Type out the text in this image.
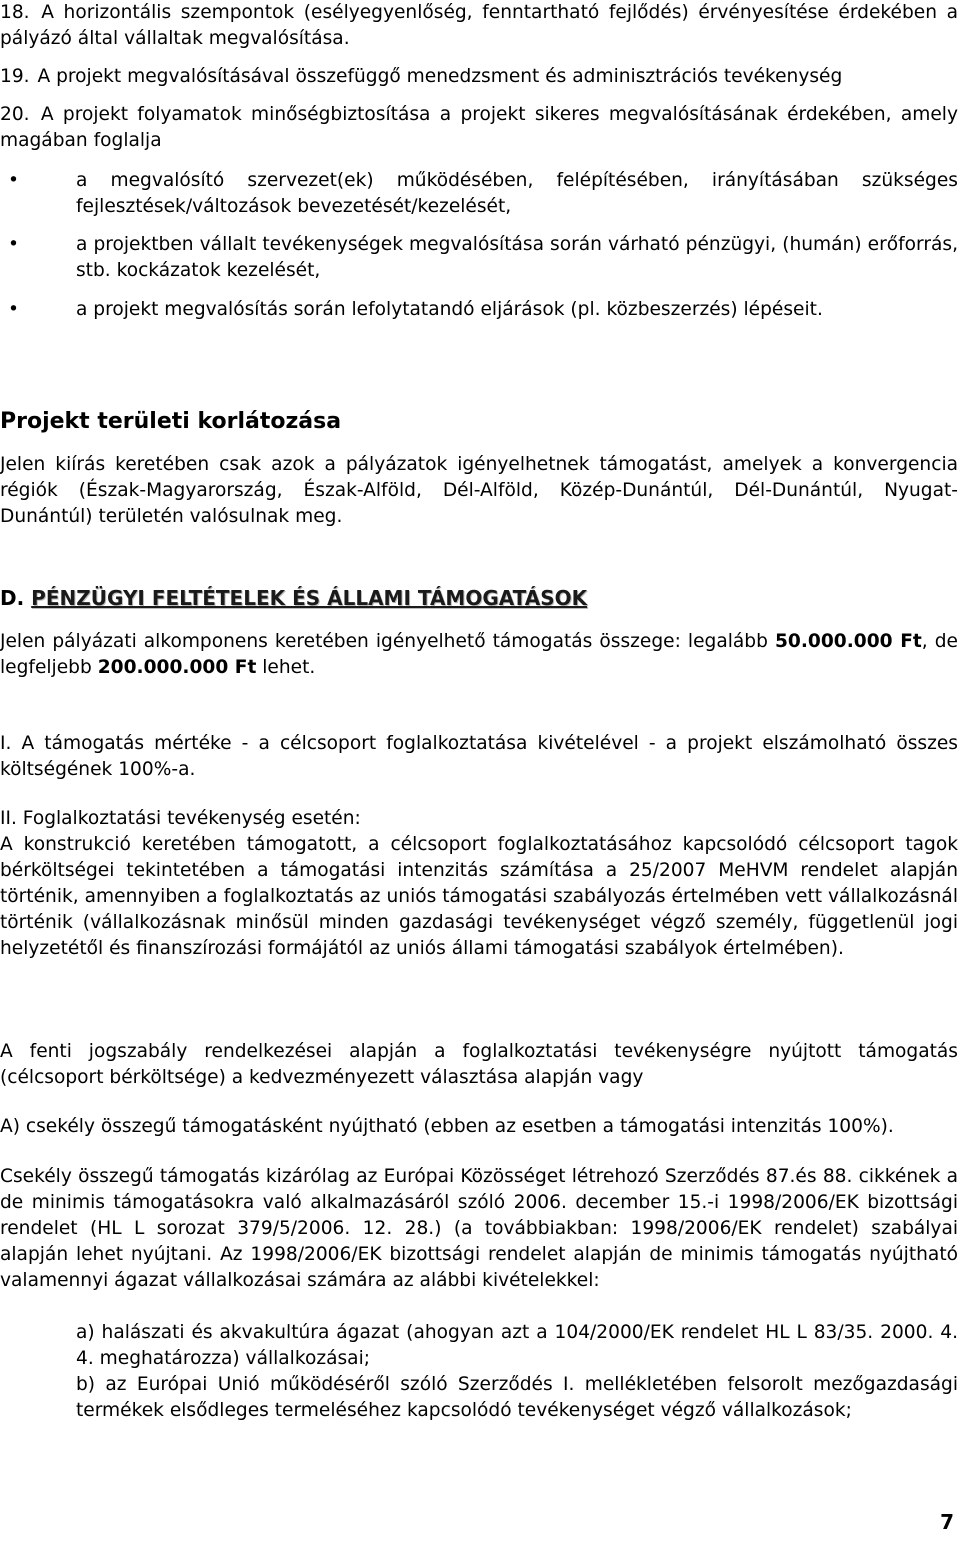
18. A horizontális szempontok (esélyegyenlőség, fenntartható fejlődés) érvényesítése érdekében a pályázó által vállaltak megvalósítása.
19. A projekt megvalósításával összefüggő menedzsment és adminisztrációs tevékenység
20. A projekt folyamatok minőségbiztosítása a projekt sikeres megvalósításának érdekében, amely magában foglalja
•	a megvalósító szervezet(ek) működésében, felépítésében, irányításában szükséges fejlesztések/változások bevezetését/kezelését,
•	a projektben vállalt tevékenységek megvalósítása során várható pénzügyi, (humán) erőforrás, stb. kockázatok kezelését,
•	a projekt megvalósítás során lefolytatandó eljárások (pl. közbeszerzés) lépéseit.
Projekt területi korlátozása
Jelen kiírás keretében csak azok a pályázatok igényelhetnek támogatást, amelyek a konvergencia régiók (Észak-Magyarország, Észak-Alföld, Dél-Alföld, Közép-Dunántúl, Dél-Dunántúl, Nyugat-Dunántúl) területén valósulnak meg.
D. PÉNZÜGYI FELTÉTELEK ÉS ÁLLAMI TÁMOGATÁSOK
Jelen pályázati alkomponens keretében igényelhető támogatás összege: legalább 50.000.000 Ft, de legfeljebb 200.000.000 Ft lehet.
I. A támogatás mértéke - a célcsoport foglalkoztatása kivételével - a projekt elszámolható összes költségének 100%-a.
II. Foglalkoztatási tevékenység esetén:
A konstrukció keretében támogatott, a célcsoport foglalkoztatásához kapcsolódó célcsoport tagok bérköltségei tekintetében a támogatási intenzitás számítása a 25/2007 MeHVM rendelet alapján történik, amennyiben a foglalkoztatás az uniós támogatási szabályozás értelmében vett vállalkozásnál történik (vállalkozásnak minősül minden gazdasági tevékenységet végző személy, függetlenül jogi helyzetétől és finanszírozási formájától az uniós állami támogatási szabályok értelmében).
A fenti jogszabály rendelkezései alapján a foglalkoztatási tevékenységre nyújtott támogatás (célcsoport bérköltsége) a kedvezményezett választása alapján vagy
A) csekély összegű támogatásként nyújtható (ebben az esetben a támogatási intenzitás 100%).
Csekély összegű támogatás kizárólag az Európai Közösséget létrehozó Szerződés 87.és 88. cikkének a de minimis támogatásokra való alkalmazásáról szóló 2006. december 15.-i 1998/2006/EK bizottsági rendelet (HL L sorozat 379/5/2006. 12. 28.) (a továbbiakban: 1998/2006/EK rendelet) szabályai alapján lehet nyújtani. Az 1998/2006/EK bizottsági rendelet alapján de minimis támogatás nyújtható valamennyi ágazat vállalkozásai számára az alábbi kivételekkel:
a) halászati és akvakultúra ágazat (ahogyan azt a 104/2000/EK rendelet HL L 83/35. 2000. 4. 4. meghatározza) vállalkozásai;
b) az Európai Unió működéséről szóló Szerződés I. mellékletében felsorolt mezőgazdasági termékek elsődleges termeléséhez kapcsolódó tevékenységet végző vállalkozások;
7
